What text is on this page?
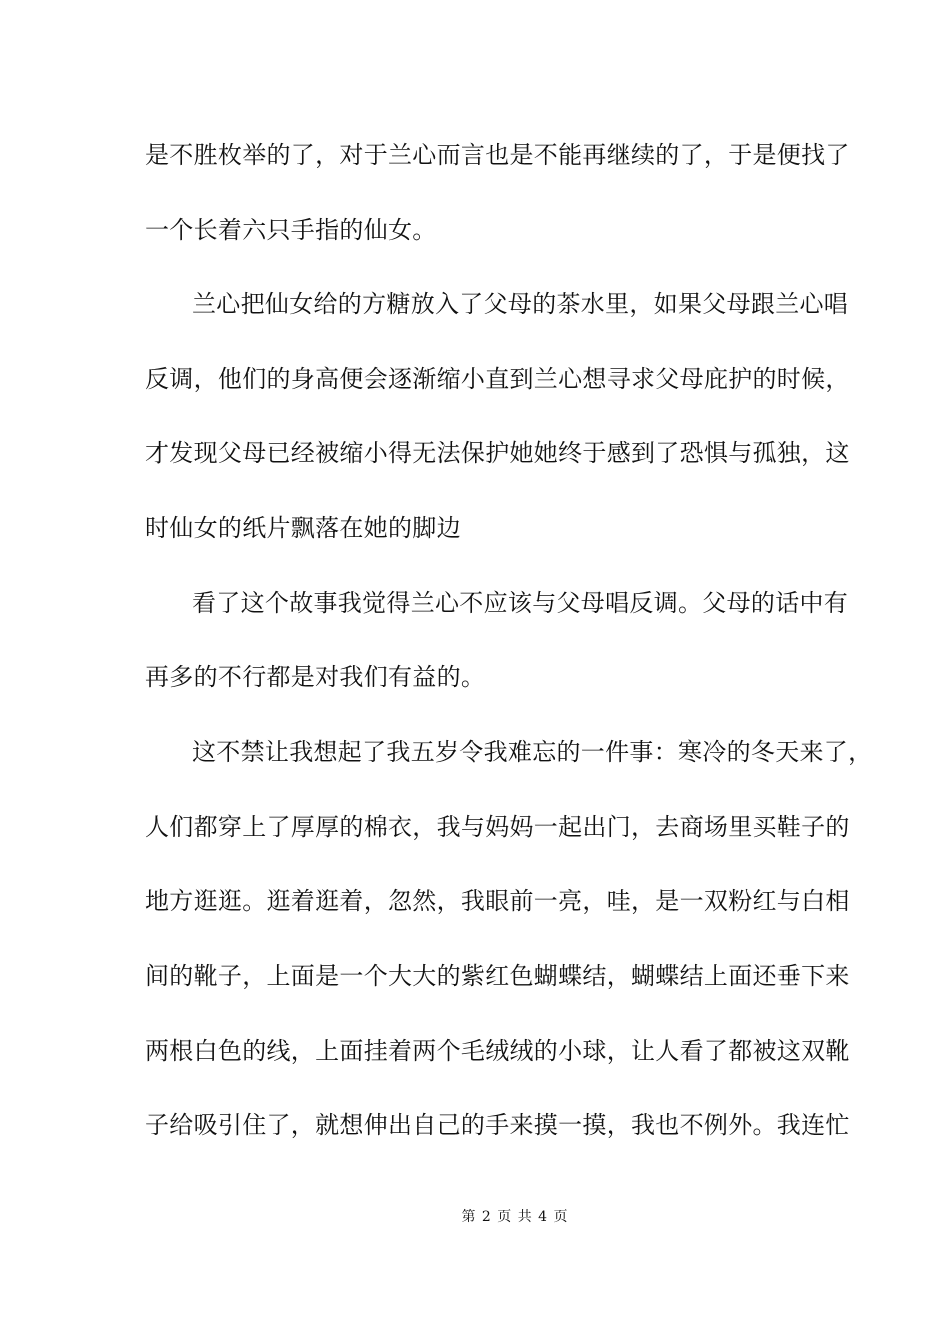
是不胜枚举的了，对于兰心而言也是不能再继续的了，于是便找了
一个长着六只手指的仙女。
兰心把仙女给的方糖放入了父母的茶水里，如果父母跟兰心唱
反调，他们的身高便会逐渐缩小直到兰心想寻求父母庇护的时候，
才发现父母已经被缩小得无法保护她她终于感到了恐惧与孤独，这
时仙女的纸片飘落在她的脚边
看了这个故事我觉得兰心不应该与父母唱反调。父母的话中有
再多的不行都是对我们有益的。
这不禁让我想起了我五岁令我难忘的一件事：寒冷的冬天来了，
人们都穿上了厚厚的棉衣，我与妈妈一起出门，去商场里买鞋子的
地方逛逛。逛着逛着，忽然，我眼前一亮，哇，是一双粉红与白相
间的靴子，上面是一个大大的紫红色蝴蝶结，蝴蝶结上面还垂下来
两根白色的线，上面挂着两个毛绒绒的小球，让人看了都被这双靴
子给吸引住了，就想伸出自己的手来摸一摸，我也不例外。我连忙
第 2 页 共 4 页
